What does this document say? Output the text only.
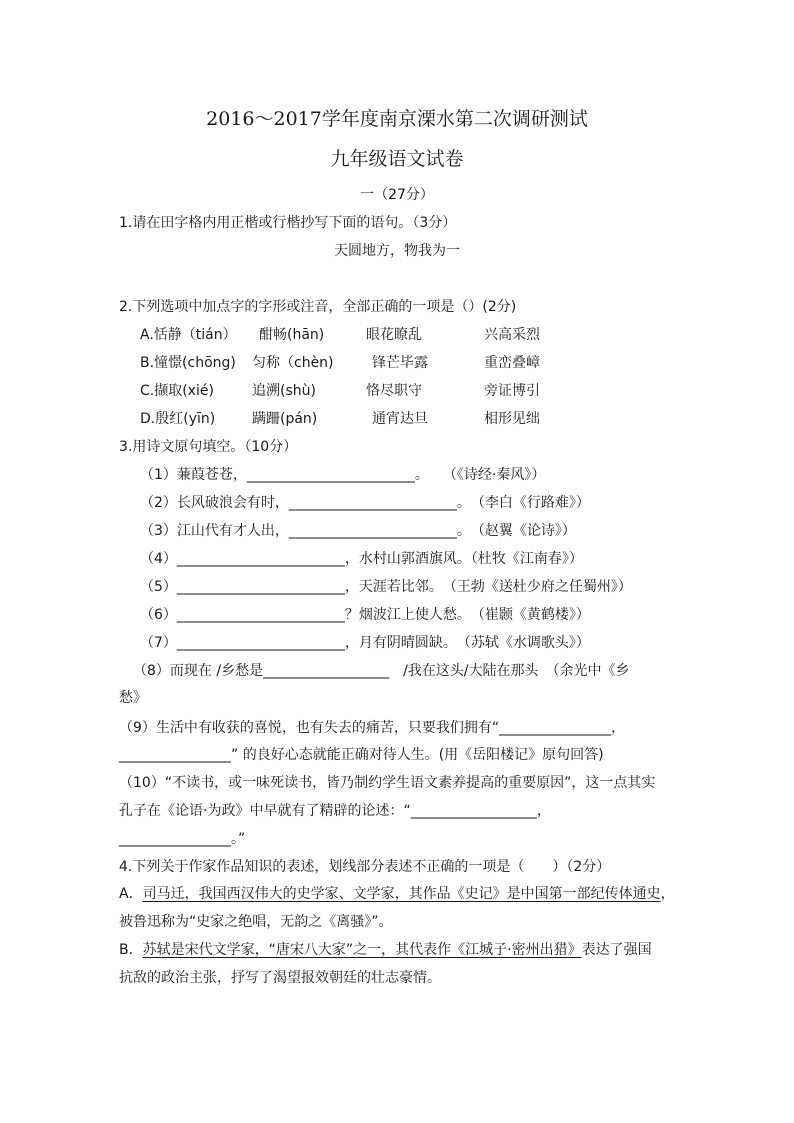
2016～2017学年度南京溧水第二次调研测试
九年级语文试卷
一（27分）
1.请在田字格内用正楷或行楷抄写下面的语句。（3分）
天圆地方，物我为一
2.下列选项中加点字的字形或注音，全部正确的一项是（）(2分)
A.恬静（tián） 酣畅(hān)	眼花瞭乱	兴高采烈
B.憧憬(chōng) 匀称（chèn)	锋芒毕露	重峦叠嶂
C.撷取(xié)	追溯(shù)	恪尽职守	旁证博引
D.殷红(yīn)	蹒跚(pán)	通宵达旦	相形见绌
3.用诗文原句填空。（10分）
（1）蒹葭苍苍，________________________。　　（《诗经·秦风》）
（2）长风破浪会有时，________________________。　（李白《行路难》）
（3）江山代有才人出，________________________。　（赵翼《论诗》）
（4）________________________，水村山郭酒旗风。（杜牧《江南春》）
（5）________________________，天涯若比邻。　（王勃《送杜少府之任蜀州》）
（6）________________________？烟波江上使人愁。　（崔颢《黄鹤楼》）
（7）________________________，月有阴晴圆缺。　（苏轼《水调歌头》）
（8）而现在 /乡愁是__________________　/我在这头/大陆在那头　（余光中《乡
愁》
（9）生活中有收获的喜悦，也有失去的痛苦，只要我们拥有“________________，
________________” 的良好心态就能正确对待人生。(用《岳阳楼记》原句回答)
（10）“不读书，或一味死读书，皆乃制约学生语文素养提高的重要原因”，这一点其实
孔子在《论语·为政》中早就有了精辟的论述：“__________________，
________________。”
4.下列关于作家作品知识的表述，划线部分表述不正确的一项是（　　）（2分）
A．司马迁，我国西汉伟大的史学家、文学家，其作品《史记》是中国第一部纪传体通史，
被鲁迅称为“史家之绝唱，无韵之《离骚》”。
B．苏轼是宋代文学家，“唐宋八大家”之一，其代表作《江城子·密州出猎》表达了强国
抗敌的政治主张，抒写了渴望报效朝廷的壮志豪情。
